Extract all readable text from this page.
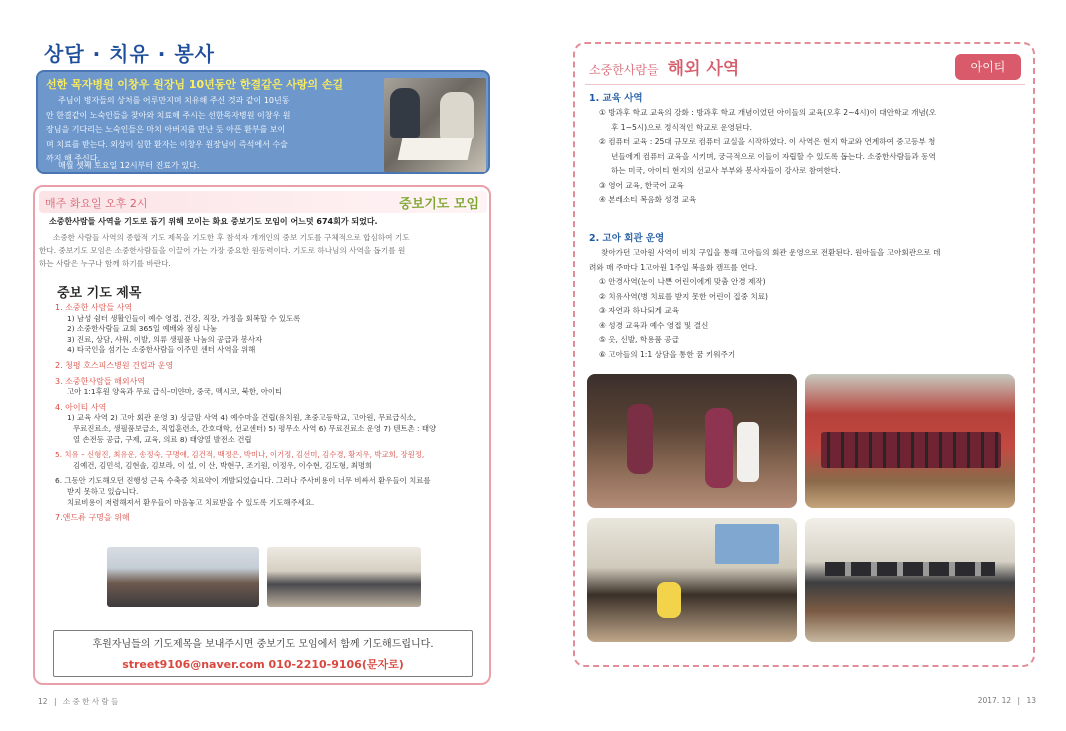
상담 · 치유 · 봉사
선한 목자병원 이창우 원장님 10년동안 한결같은 사랑의 손길
주님이 병자들의 상처를 어루만지며 치유해 주신 것과 같이 10년동
안 한결같이 노숙인들을 찾아와 치료해 주시는 선한목자병원 이창우 원
장님을 기다리는 노숙인들은 마치 아버지를 만난 듯 아픈 환부를 보이
며 치료를 받는다. 외상이 심한 환자는 이창우 원장님이 즉석에서 수술
까지 해 주신다.
매월 셋째 토요일 12시부터 진료가 있다.
매주 화요일 오후 2시	중보기도 모임
소중한사람들 사역을 기도로 돕기 위해 모이는 화요 중보기도 모임이 어느덧 674회가 되었다.
소중한 사람들 사역의 종합적 기도 제목을 기도한 후 참석자 개개인의 중보 기도를 구체적으로 합심하여 기도
한다. 중보기도 모임은 소중한사람들을 이끌어 가는 가장 중요한 원동력이다. 기도로 하나님의 사역을 돕기를 원
하는 사람은 누구나 함께 하기를 바란다.
중보 기도 제목
1. 소중한 사람들 사역
1) 남성 쉼터 생활인들이 예수 영접, 건강, 직장, 가정을 회복할 수 있도록
2) 소중한사람들 교회 365일 예배와 점심 나눔
3) 진료, 상담, 샤워, 이발, 의류 생필품 나눔의 공급과 봉사자
4) 타국인을 섬기는 소중한사람들 이주민 센터 사역을 위해
2. 청평 호스피스병원 건립과 운영
3. 소중한사람들 해외사역
고아 1:1후원 양육과 무료 급식–미얀마, 중국, 멕시코, 북한, 아이티
4. 아이티 사역
1) 교육 사역 2) 고아 회관 운영 3) 싱글맘 사역 4) 예수마을 건립(유치원, 초중고등학교, 고아원, 무료급식소,
무료진료소, 생필품보급소, 직업훈련소, 간호대학, 선교센터) 5) 평무소 사역 6) 무료진료소 운영 7) 텐트촌 : 태양
열 손전등 공급, 구제, 교육, 의료 8) 태양열 발전소 건립
5. 치유 – 신형진, 최유운, 송정숙, 구명애, 김건적, 백정은, 박미나, 이기정, 김선미, 김수경, 황지우, 박교희, 장원정,
김예건, 김민석, 김현솔, 김보라, 이 설, 이 산, 박현구, 조기원, 이정우, 이수현, 김도형, 최명희
6. 그동안 기도해오던 진행성 근육 수축증 치료약이 개발되었습니다. 그러나 주사비용이 너무 비싸서 환우들이 치료를
받지 못하고 있습니다.
치료비용이 저렴해져서 환우들이 마음놓고 치료받을 수 있도록 기도해주세요.
7.앤드류 구명을 위해
후원자님들의 기도제목을 보내주시면 중보기도 모임에서 함께 기도해드립니다.
street9106@naver.com 010-2210-9106(문자로)
12 | 소 중 한 사 람 들
소중한사람들 해외 사역	아이티
1. 교육 사역
① 방과후 학교 교육의 강화 : 방과후 학교 개념이었던 아이들의 교육(오후 2~4시)이 대안학교 개념(오
후 1~5시)으로 정식적인 학교로 운영된다.
② 컴퓨터 교육 : 25대 규모로 컴퓨터 교실을 시작하였다. 이 사역은 현지 학교와 연계하여 중고등부 청
년들에게 컴퓨터 교육을 시키며, 궁극적으로 이들이 자립할 수 있도록 돕는다. 소중한사람들과 동역
하는 미국, 아이티 현지의 선교사 부부와 봉사자들이 강사로 참여한다.
③ 영어 교육, 한국어 교육
④ 본레소티 복음화 성경 교육
2. 고아 회관 운영
찾아가던 고아원 사역이 비치 구입을 통해 고아들의 회관 운영으로 전환된다. 원아들을 고아회관으로 데
려와 매 주마다 1고아원 1주일 복음화 캠프를 연다.
① 안경사역(눈이 나쁜 어린이에게 맞춤 안경 제작)
② 치유사역(병 치료를 받지 못한 어린이 집중 치료)
③ 자연과 하나되게 교육
④ 성경 교육과 예수 영접 및 결신
⑤ 옷, 신발, 학용품 공급
⑥ 고아들의 1:1 상담을 통한 꿈 키워주기
2017. 12 | 13
